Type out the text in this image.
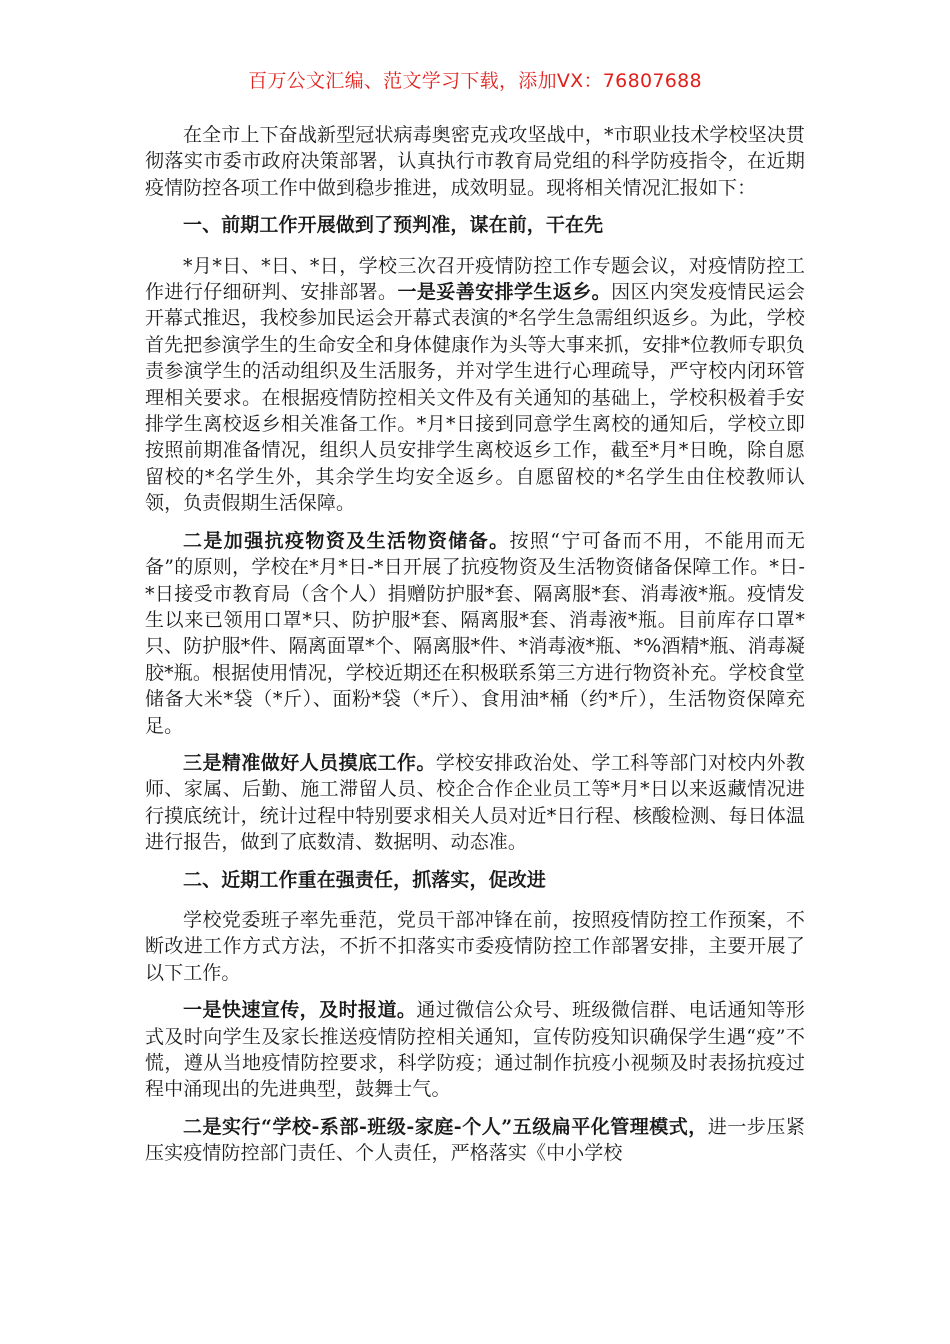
百万公文汇编、范文学习下载，添加VX：76807688

在全市上下奋战新型冠状病毒奥密克戎攻坚战中，*市职业技术学校坚决贯彻落实市委市政府决策部署，认真执行市教育局党组的科学防疫指令，在近期疫情防控各项工作中做到稳步推进，成效明显。现将相关情况汇报如下：

一、前期工作开展做到了预判准，谋在前，干在先

*月*日、*日、*日，学校三次召开疫情防控工作专题会议，对疫情防控工作进行仔细研判、安排部署。一是妥善安排学生返乡。因区内突发疫情民运会开幕式推迟，我校参加民运会开幕式表演的*名学生急需组织返乡。为此，学校首先把参演学生的生命安全和身体健康作为头等大事来抓，安排*位教师专职负责参演学生的活动组织及生活服务，并对学生进行心理疏导，严守校内闭环管理相关要求。在根据疫情防控相关文件及有关通知的基础上，学校积极着手安排学生离校返乡相关准备工作。*月*日接到同意学生离校的通知后，学校立即按照前期准备情况，组织人员安排学生离校返乡工作，截至*月*日晚，除自愿留校的*名学生外，其余学生均安全返乡。自愿留校的*名学生由住校教师认领，负责假期生活保障。

二是加强抗疫物资及生活物资储备。按照“宁可备而不用，不能用而无备”的原则，学校在*月*日-*日开展了抗疫物资及生活物资储备保障工作。*日-*日接受市教育局（含个人）捐赠防护服*套、隔离服*套、消毒液*瓶。疫情发生以来已领用口罩*只、防护服*套、隔离服*套、消毒液*瓶。目前库存口罩*只、防护服*件、隔离面罩*个、隔离服*件、*消毒液*瓶、*%酒精*瓶、消毒凝胶*瓶。根据使用情况，学校近期还在积极联系第三方进行物资补充。学校食堂储备大米*袋（*斤）、面粉*袋（*斤）、食用油*桶（约*斤），生活物资保障充足。

三是精准做好人员摸底工作。学校安排政治处、学工科等部门对校内外教师、家属、后勤、施工滞留人员、校企合作企业员工等*月*日以来返藏情况进行摸底统计，统计过程中特别要求相关人员对近*日行程、核酸检测、每日体温进行报告，做到了底数清、数据明、动态准。

二、近期工作重在强责任，抓落实，促改进

学校党委班子率先垂范，党员干部冲锋在前，按照疫情防控工作预案，不断改进工作方式方法，不折不扣落实市委疫情防控工作部署安排，主要开展了以下工作。

一是快速宣传，及时报道。通过微信公众号、班级微信群、电话通知等形式及时向学生及家长推送疫情防控相关通知，宣传防疫知识确保学生遇“疫”不慌，遵从当地疫情防控要求，科学防疫；通过制作抗疫小视频及时表扬抗疫过程中涌现出的先进典型，鼓舞士气。

二是实行“学校-系部-班级-家庭-个人”五级扁平化管理模式，进一步压紧压实疫情防控部门责任、个人责任，严格落实《中小学校
